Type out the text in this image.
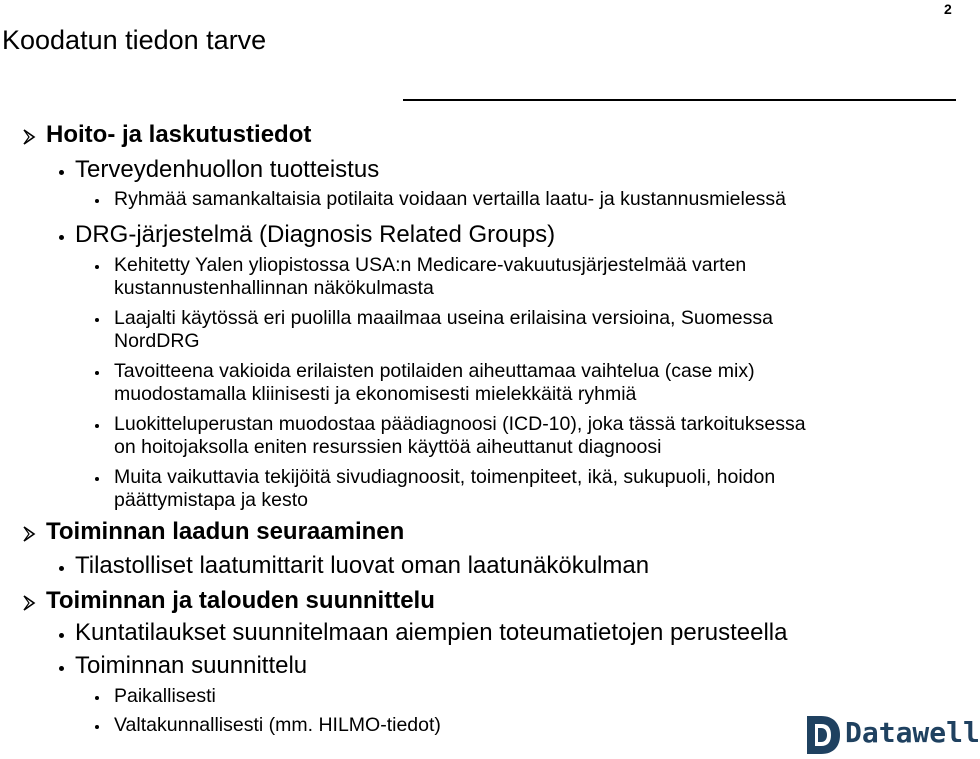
2
Koodatun tiedon tarve
Hoito- ja laskutustiedot
Terveydenhuollon tuotteistus
Ryhmää samankaltaisia potilaita voidaan vertailla laatu- ja kustannusmielessä
DRG-järjestelmä (Diagnosis Related Groups)
Kehitetty Yalen yliopistossa USA:n Medicare-vakuutusjärjestelmää varten
kustannustenhallinnan näkökulmasta
Laajalti käytössä eri puolilla maailmaa useina erilaisina versioina, Suomessa
NordDRG
Tavoitteena vakioida erilaisten potilaiden aiheuttamaa vaihtelua (case mix)
muodostamalla kliinisesti ja ekonomisesti mielekkäitä ryhmiä
Luokitteluperustan muodostaa päädiagnoosi (ICD-10), joka tässä tarkoituksessa
on hoitojaksolla eniten resurssien käyttöä aiheuttanut diagnoosi
Muita vaikuttavia tekijöitä sivudiagnoosit, toimenpiteet, ikä, sukupuoli, hoidon
päättymistapa ja kesto
Toiminnan laadun seuraaminen
Tilastolliset laatumittarit luovat oman laatunäkökulman
Toiminnan ja talouden suunnittelu
Kuntatilaukset suunnitelmaan aiempien toteumatietojen perusteella
Toiminnan suunnittelu
Paikallisesti
Valtakunnallisesti (mm. HILMO-tiedot)	Datawell
